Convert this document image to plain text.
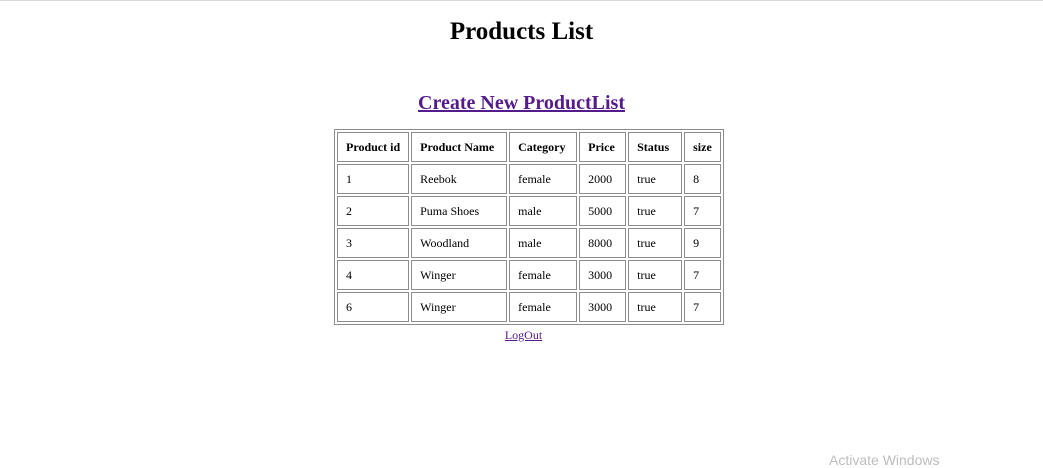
Products List
Create New ProductList
Product id	Product Name	Category	Price	Status	size
1	Reebok	female	2000	true	8
2	Puma Shoes	male	5000	true	7
3	Woodland	male	8000	true	9
4	Winger	female	3000	true	7
6	Winger	female	3000	true	7
LogOut
Activate Windows
